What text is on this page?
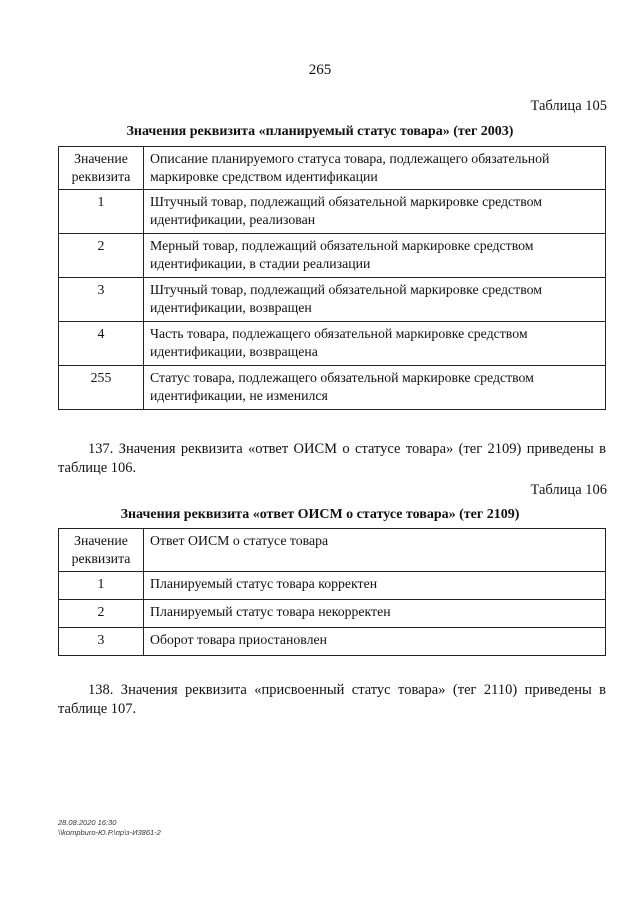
265
Таблица 105
Значения реквизита «планируемый статус товара» (тег 2003)
Значение реквизита	Описание планируемого статуса товара, подлежащего обязательной маркировке средством идентификации
1	Штучный товар, подлежащий обязательной маркировке средством идентификации, реализован
2	Мерный товар, подлежащий обязательной маркировке средством идентификации, в стадии реализации
3	Штучный товар, подлежащий обязательной маркировке средством идентификации, возвращен
4	Часть товара, подлежащего обязательной маркировке средством идентификации, возвращена
255	Статус товара, подлежащего обязательной маркировке средством идентификации, не изменился
137. Значения реквизита «ответ ОИСМ о статусе товара» (тег 2109) приведены в таблице 106.
Таблица 106
Значения реквизита «ответ ОИСМ о статусе товара» (тег 2109)
Значение реквизита	Ответ ОИСМ о статусе товара
1	Планируемый статус товара корректен
2	Планируемый статус товара некорректен
3	Оборот товара приостановлен
138. Значения реквизита «присвоенный статус товара» (тег 2110) приведены в таблице 107.
28.08.2020 16:30
\\kompburo-Ю.Р.\пр\з-И3861-2
